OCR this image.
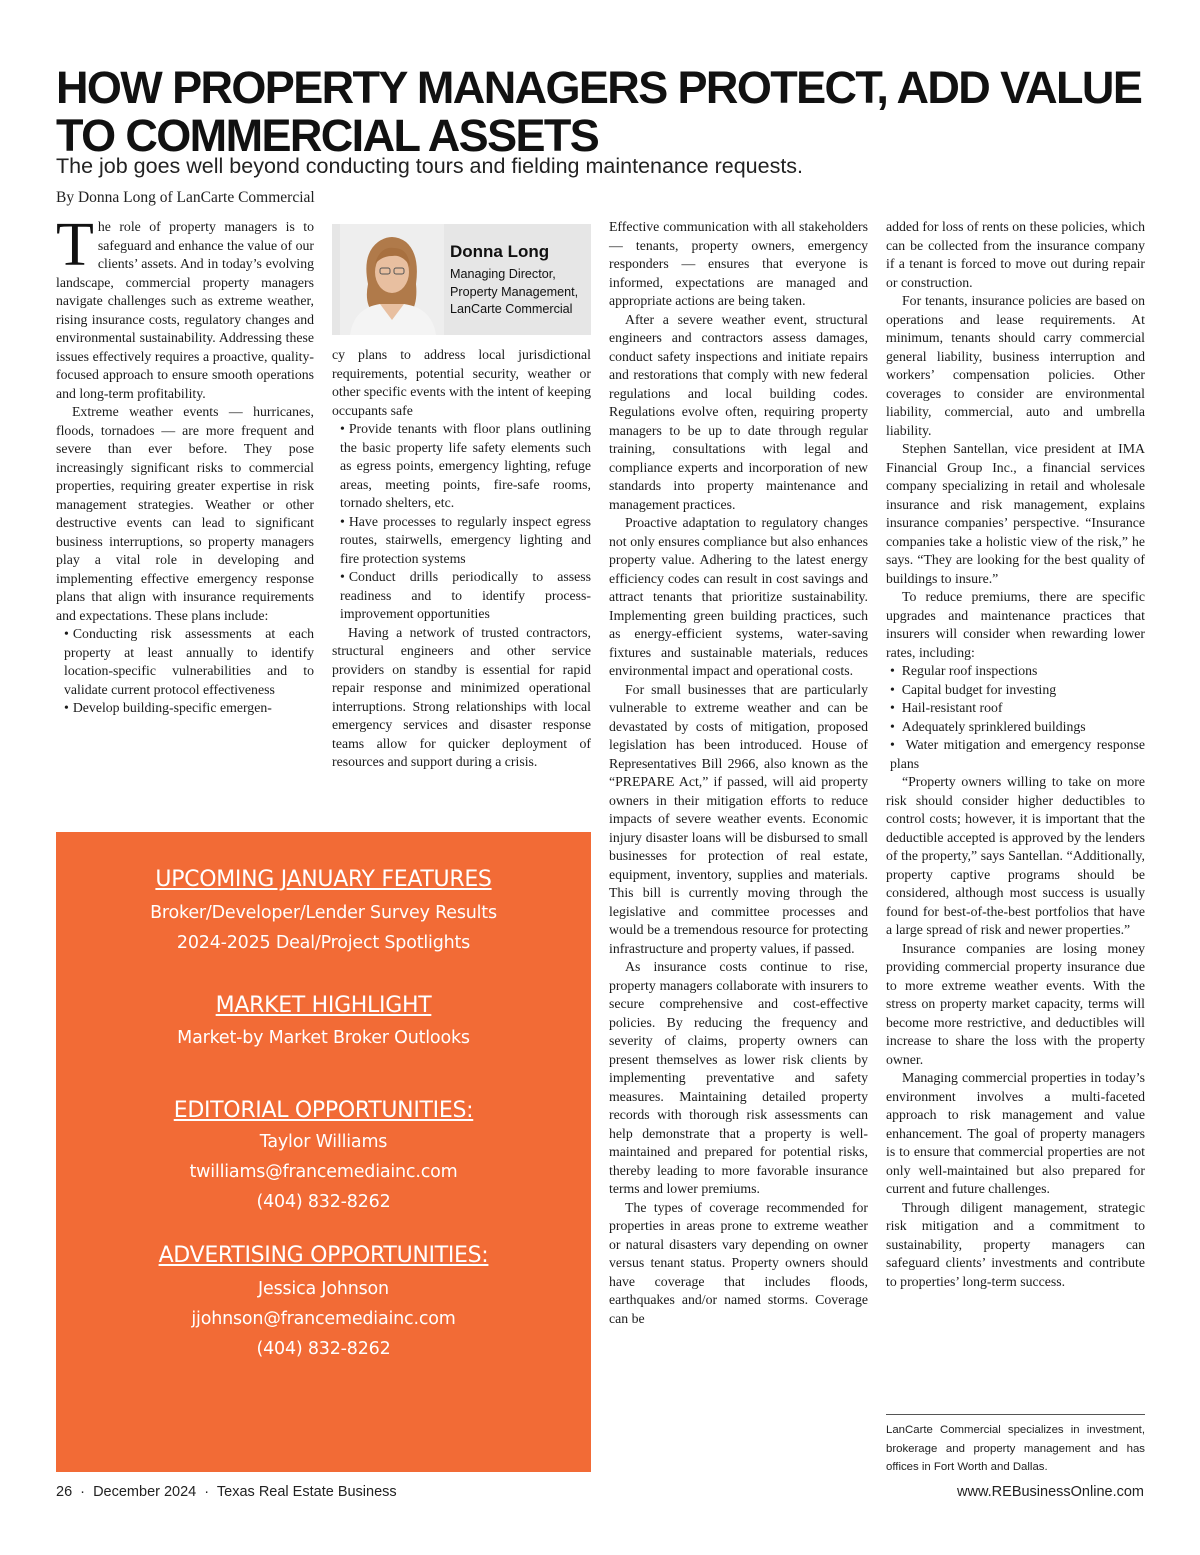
HOW PROPERTY MANAGERS PROTECT, ADD VALUE TO COMMERCIAL ASSETS
The job goes well beyond conducting tours and fielding maintenance requests.
By Donna Long of LanCarte Commercial

The role of property managers is to safeguard and enhance the value of our clients’ assets. And in today’s evolving landscape, commercial property managers navigate challenges such as extreme weather, rising insurance costs, regulatory changes and environmental sustainability. Addressing these issues effectively requires a proactive, quality-focused approach to ensure smooth operations and long-term profitability.

Extreme weather events — hurricanes, floods, tornadoes — are more frequent and severe than ever before. They pose increasingly significant risks to commercial properties, requiring greater expertise in risk management strategies. Weather or other destructive events can lead to significant business interruptions, so property managers play a vital role in developing and implementing effective emergency response plans that align with insurance requirements and expectations. These plans include:

• Conducting risk assessments at each property at least annually to identify location-specific vulnerabilities and to validate current protocol effectiveness

• Develop building-specific emergen-

Donna Long
Managing Director, Property Management, LanCarte Commercial

cy plans to address local jurisdictional requirements, potential security, weather or other specific events with the intent of keeping occupants safe

• Provide tenants with floor plans outlining the basic property life safety elements such as egress points, emergency lighting, refuge areas, meeting points, fire-safe rooms, tornado shelters, etc.

• Have processes to regularly inspect egress routes, stairwells, emergency lighting and fire protection systems

• Conduct drills periodically to assess readiness and to identify process-improvement opportunities

Having a network of trusted contractors, structural engineers and other service providers on standby is essential for rapid repair response and minimized operational interruptions. Strong relationships with local emergency services and disaster response teams allow for quicker deployment of resources and support during a crisis.

Effective communication with all stakeholders — tenants, property owners, emergency responders — ensures that everyone is informed, expectations are managed and appropriate actions are being taken.

After a severe weather event, structural engineers and contractors assess damages, conduct safety inspections and initiate repairs and restorations that comply with new federal regulations and local building codes. Regulations evolve often, requiring property managers to be up to date through regular training, consultations with legal and compliance experts and incorporation of new standards into property maintenance and management practices.

Proactive adaptation to regulatory changes not only ensures compliance but also enhances property value. Adhering to the latest energy efficiency codes can result in cost savings and attract tenants that prioritize sustainability. Implementing green building practices, such as energy-efficient systems, water-saving fixtures and sustainable materials, reduces environmental impact and operational costs.

For small businesses that are particularly vulnerable to extreme weather and can be devastated by costs of mitigation, proposed legislation has been introduced. House of Representatives Bill 2966, also known as the “PREPARE Act,” if passed, will aid property owners in their mitigation efforts to reduce impacts of severe weather events. Economic injury disaster loans will be disbursed to small businesses for protection of real estate, equipment, inventory, supplies and materials. This bill is currently moving through the legislative and committee processes and would be a tremendous resource for protecting infrastructure and property values, if passed.

As insurance costs continue to rise, property managers collaborate with insurers to secure comprehensive and cost-effective policies. By reducing the frequency and severity of claims, property owners can present themselves as lower risk clients by implementing preventative and safety measures. Maintaining detailed property records with thorough risk assessments can help demonstrate that a property is well-maintained and prepared for potential risks, thereby leading to more favorable insurance terms and lower premiums.

The types of coverage recommended for properties in areas prone to extreme weather or natural disasters vary depending on owner versus tenant status. Property owners should have coverage that includes floods, earthquakes and/or named storms. Coverage can be

added for loss of rents on these policies, which can be collected from the insurance company if a tenant is forced to move out during repair or construction.

For tenants, insurance policies are based on operations and lease requirements. At minimum, tenants should carry commercial general liability, business interruption and workers’ compensation policies. Other coverages to consider are environmental liability, commercial, auto and umbrella liability.

Stephen Santellan, vice president at IMA Financial Group Inc., a financial services company specializing in retail and wholesale insurance and risk management, explains insurance companies’ perspective. “Insurance companies take a holistic view of the risk,” he says. “They are looking for the best quality of buildings to insure.”

To reduce premiums, there are specific upgrades and maintenance practices that insurers will consider when rewarding lower rates, including:

•  Regular roof inspections
•  Capital budget for investing
•  Hail-resistant roof
•  Adequately sprinklered buildings
•  Water mitigation and emergency response plans

“Property owners willing to take on more risk should consider higher deductibles to control costs; however, it is important that the deductible accepted is approved by the lenders of the property,” says Santellan. “Additionally, property captive programs should be considered, although most success is usually found for best-of-the-best portfolios that have a large spread of risk and newer properties.”

Insurance companies are losing money providing commercial property insurance due to more extreme weather events. With the stress on property market capacity, terms will become more restrictive, and deductibles will increase to share the loss with the property owner.

Managing commercial properties in today’s environment involves a multi-faceted approach to risk management and value enhancement. The goal of property managers is to ensure that commercial properties are not only well-maintained but also prepared for current and future challenges.

Through diligent management, strategic risk mitigation and a commitment to sustainability, property managers can safeguard clients’ investments and contribute to properties’ long-term success.

LanCarte Commercial specializes in investment, brokerage and property management and has offices in Fort Worth and Dallas.
UPCOMING JANUARY FEATURES
Broker/Developer/Lender Survey Results
2024-2025 Deal/Project Spotlights
MARKET HIGHLIGHT
Market-by Market Broker Outlooks
EDITORIAL OPPORTUNITIES:
Taylor Williams
twilliams@francemediainc.com
(404) 832-8262
ADVERTISING OPPORTUNITIES:
Jessica Johnson
jjohnson@francemediainc.com
(404) 832-8262
26  ·  December 2024  ·  Texas Real Estate Business	www.REBusinessOnline.com
